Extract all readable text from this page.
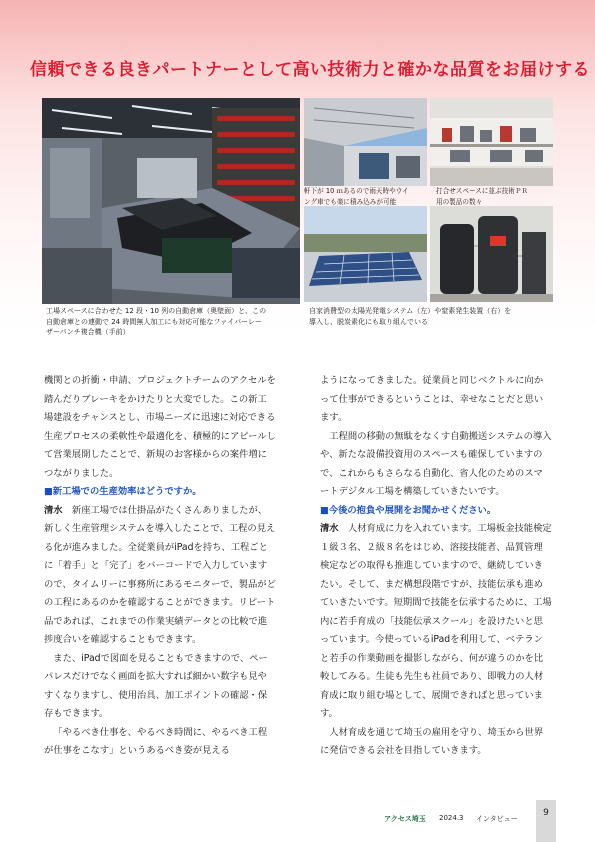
信頼できる良きパートナーとして高い技術力と確かな品質をお届けする
工場スペースに合わせた 12 段・10 列の自動倉庫（奥壁面）と、この
自動倉庫との連動で 24 時間無人加工にも対応可能なファイバーレー
ザーパンチ複合機（手前）
軒下が 10 ｍあるので雨天時やウイ
ング車でも楽に積み込みが可能
打合せスペースに並ぶ技術ＰＲ
用の製品の数々
自家消費型の太陽光発電システム（左）や窒素発生装置（右）を
導入し、脱炭素化にも取り組んでいる

機関との折衝・申請、プロジェクトチームのアクセルを踏んだりブレーキをかけたりと大変でした。この新工場建設をチャンスとし、市場ニーズに迅速に対応できる生産プロセスの柔軟性や最適化を、積極的にアピールして営業展開したことで、新規のお客様からの案件増につながりました。

■新工場での生産効率はどうですか。

清水　新座工場では仕掛品がたくさんありましたが、新しく生産管理システムを導入したことで、工程の見える化が進みました。全従業員がiPadを持ち、工程ごとに「着手」と「完了」をバーコードで入力していますので、タイムリーに事務所にあるモニターで、製品がどの工程にあるのかを確認することができます。リピート品であれば、これまでの作業実績データとの比較で進捗度合いを確認することもできます。

また、iPadで図面を見ることもできますので、ペーパレスだけでなく画面を拡大すれば細かい数字も見やすくなりますし、使用治具、加工ポイントの確認・保存もできます。

「やるべき仕事を、やるべき時間に、やるべき工程が仕事をこなす」というあるべき姿が見える

ようになってきました。従業員と同じベクトルに向かって仕事ができるということは、幸せなことだと思います。

工程間の移動の無駄をなくす自動搬送システムの導入や、新たな設備投資用のスペースも確保していますので、これからもさらなる自動化、省人化のためのスマートデジタル工場を構築していきたいです。

■今後の抱負や展開をお聞かせください。

清水　人材育成に力を入れています。工場板金技能検定１級３名、２級８名をはじめ、溶接技能者、品質管理検定などの取得も推進していますので、継続していきたい。そして、まだ構想段階ですが、技能伝承も進めていきたいです。短期間で技能を伝承するために、工場内に若手育成の「技能伝承スクール」を設けたいと思っています。今使っているiPadを利用して、ベテランと若手の作業動画を撮影しながら、何が違うのかを比較してみる。生徒も先生も社員であり、即戦力の人材育成に取り組む場として、展開できればと思っています。

人材育成を通じて埼玉の雇用を守り、埼玉から世界に発信できる会社を目指していきます。

アクセス埼玉 2024.3 インタビュー
9
